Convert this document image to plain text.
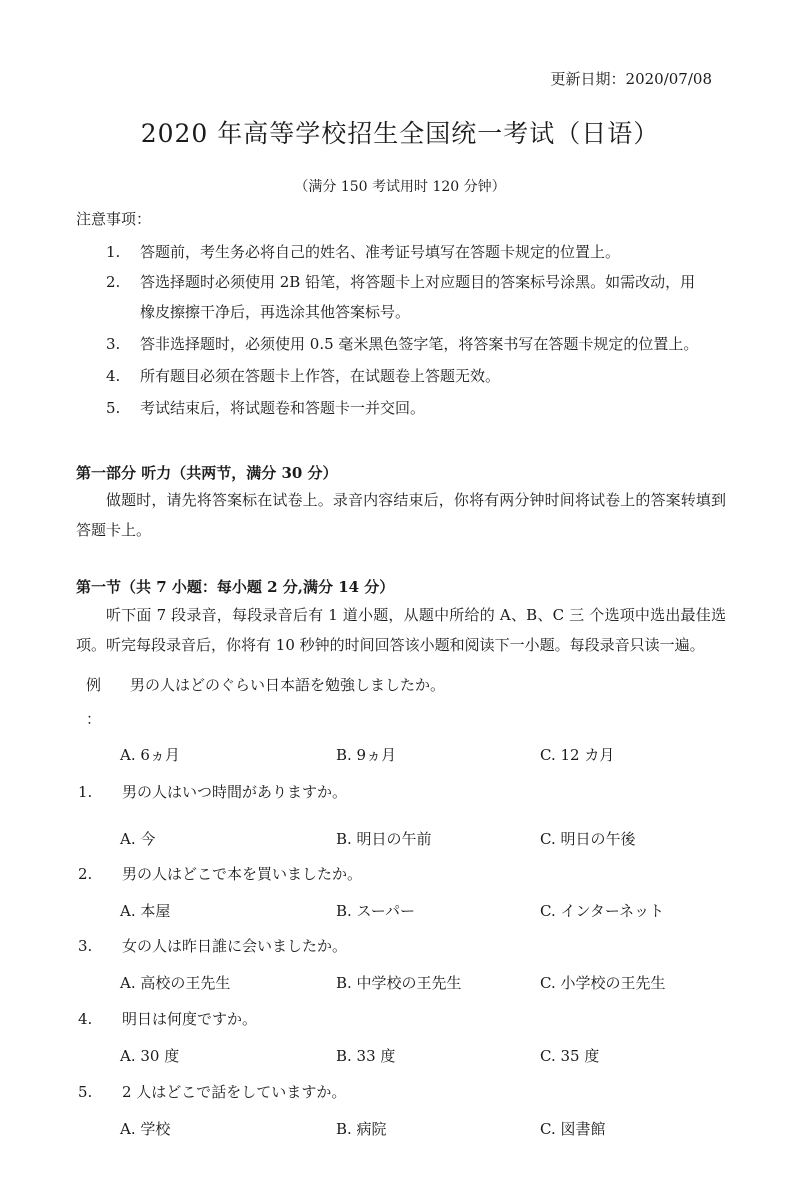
更新日期：2020/07/08
2020 年高等学校招生全国统一考试（日语）
（满分 150 考试用时 120 分钟）
注意事项：
1. 答题前，考生务必将自己的姓名、准考证号填写在答题卡规定的位置上。
2. 答选择题时必须使用 2B 铅笔，将答题卡上对应题目的答案标号涂黑。如需改动，用
橡皮擦擦干净后，再选涂其他答案标号。
3. 答非选择题时，必须使用 0.5 毫米黑色签字笔，将答案书写在答题卡规定的位置上。
4. 所有题目必须在答题卡上作答，在试题卷上答题无效。
5. 考试结束后，将试题卷和答题卡一并交回。
第一部分 听力（共两节，满分 30 分）
做题时，请先将答案标在试卷上。录音内容结束后，你将有两分钟时间将试卷上的答案转填到答题卡上。
第一节（共 7 小题：每小题 2 分,满分 14 分）
听下面 7 段录音，每段录音后有 1 道小题，从题中所给的 A、B、C 三 个选项中选出最佳选项。听完每段录音后，你将有 10 秒钟的时间回答该小题和阅读下一小题。每段录音只读一遍。
例 男の人はどのぐらい日本語を勉強しましたか。
：
A. 6ヵ月	B. 9ヵ月	C. 12 カ月
1. 男の人はいつ時間がありますか。
A. 今	B. 明日の午前	C. 明日の午後
2. 男の人はどこで本を買いましたか。
A. 本屋	B. スーパー	C. インターネット
3. 女の人は昨日誰に会いましたか。
A. 高校の王先生	B. 中学校の王先生	C. 小学校の王先生
4. 明日は何度ですか。
A. 30 度	B. 33 度	C. 35 度
5. 2 人はどこで話をしていますか。
A. 学校	B. 病院	C. 図書館
